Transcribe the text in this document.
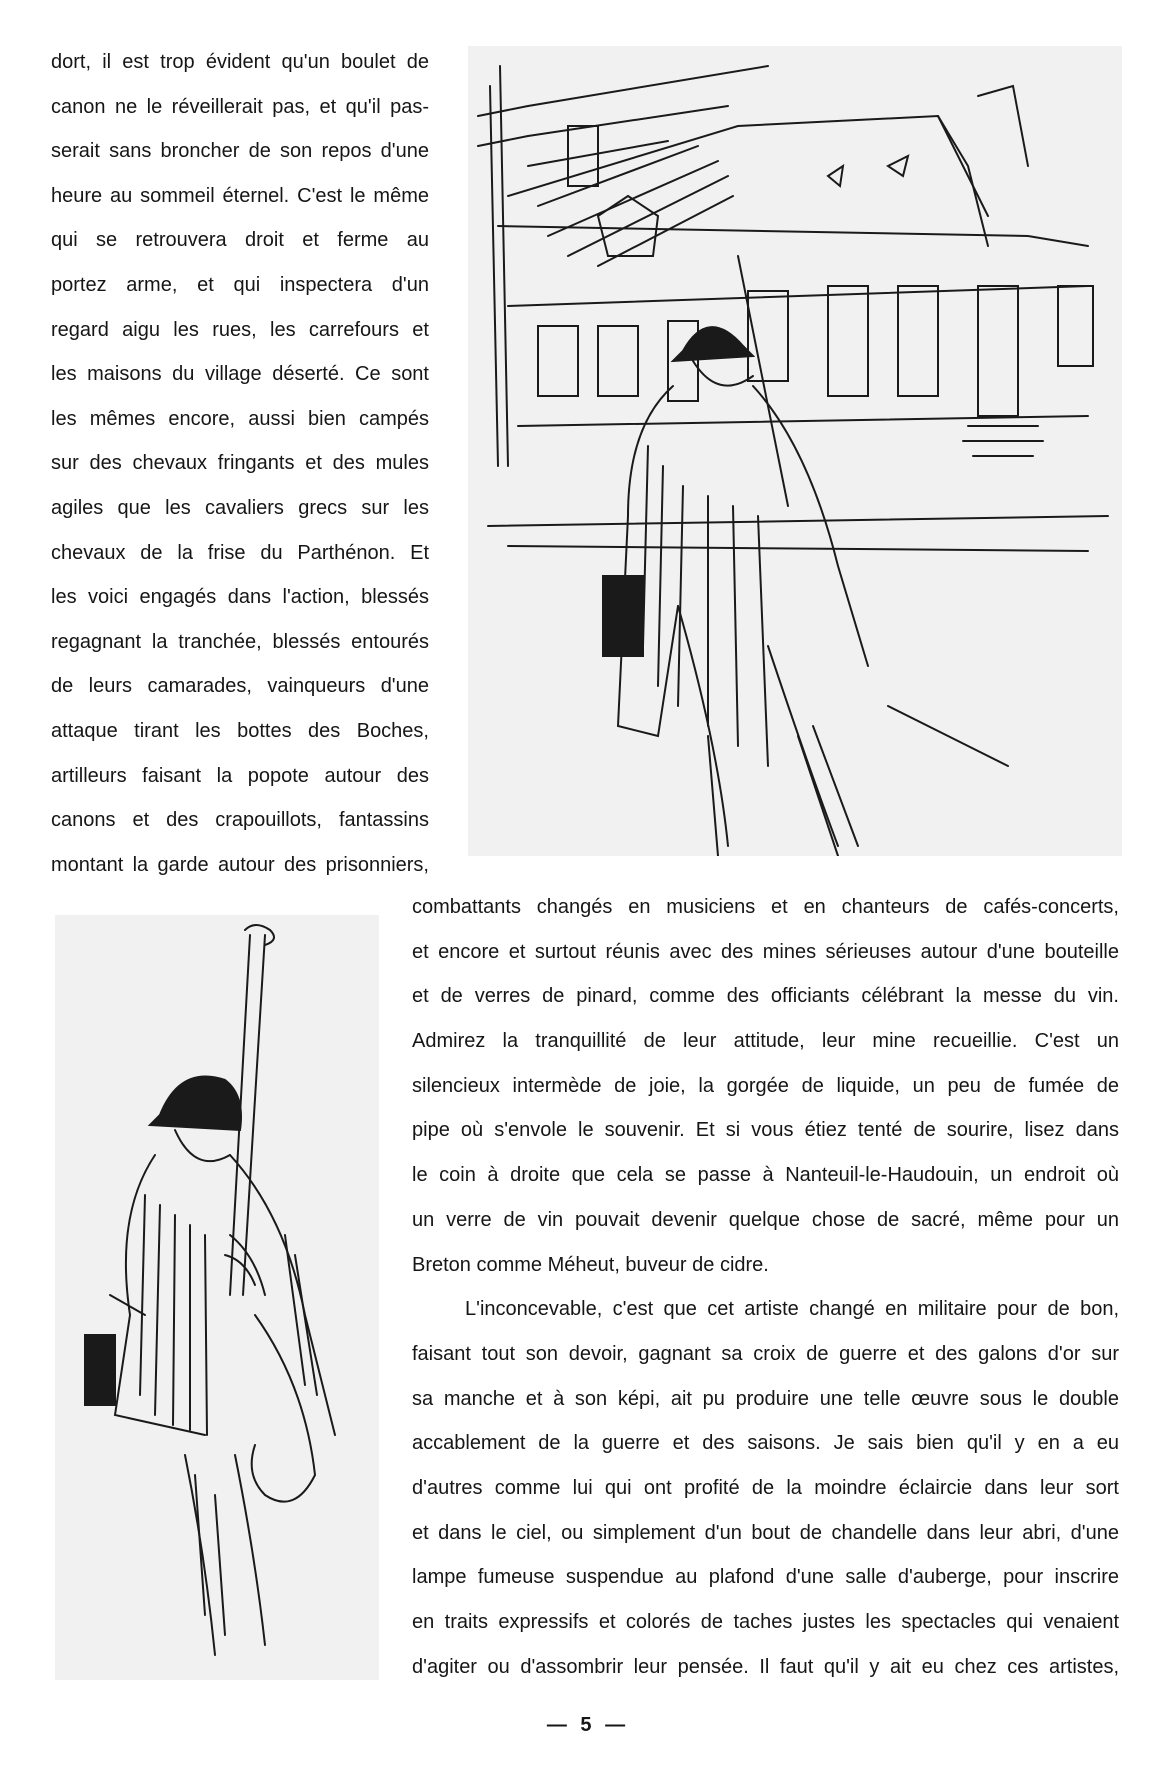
dort, il est trop évident qu'un boulet de
canon ne le réveillerait pas, et qu'il pas-
serait sans broncher de son repos d'une
heure au sommeil éternel. C'est le même
qui se retrouvera droit et ferme au
portez arme, et qui inspectera d'un
regard aigu les rues, les carrefours et
les maisons du village déserté. Ce sont
les mêmes encore, aussi bien campés
sur des chevaux fringants et des mules
agiles que les cavaliers grecs sur les
chevaux de la frise du Parthénon. Et
les voici engagés dans l'action, blessés
regagnant la tranchée, blessés entourés
de leurs camarades, vainqueurs d'une
attaque tirant les bottes des Boches,
artilleurs faisant la popote autour des
canons et des crapouillots, fantassins
montant la garde autour des prisonniers,
combattants changés en musiciens et en chanteurs de cafés-concerts,
et encore et surtout réunis avec des mines sérieuses autour d'une bouteille
et de verres de pinard, comme des officiants célébrant la messe du vin.
Admirez la tranquillité de leur attitude, leur mine recueillie. C'est un
silencieux intermède de joie, la gorgée de liquide, un peu de fumée de
pipe où s'envole le souvenir. Et si vous étiez tenté de sourire, lisez dans
le coin à droite que cela se passe à Nanteuil-le-Haudouin, un endroit où
un verre de vin pouvait devenir quelque chose de sacré, même pour un
Breton comme Méheut, buveur de cidre.
L'inconcevable, c'est que cet artiste changé en militaire pour de bon,
faisant tout son devoir, gagnant sa croix de guerre et des galons d'or sur
sa manche et à son képi, ait pu produire une telle œuvre sous le double
accablement de la guerre et des saisons. Je sais bien qu'il y en a eu
d'autres comme lui qui ont profité de la moindre éclaircie dans leur sort
et dans le ciel, ou simplement d'un bout de chandelle dans leur abri, d'une
lampe fumeuse suspendue au plafond d'une salle d'auberge, pour inscrire
en traits expressifs et colorés de taches justes les spectacles qui venaient
d'agiter ou d'assombrir leur pensée. Il faut qu'il y ait eu chez ces artistes,
— 5 —
